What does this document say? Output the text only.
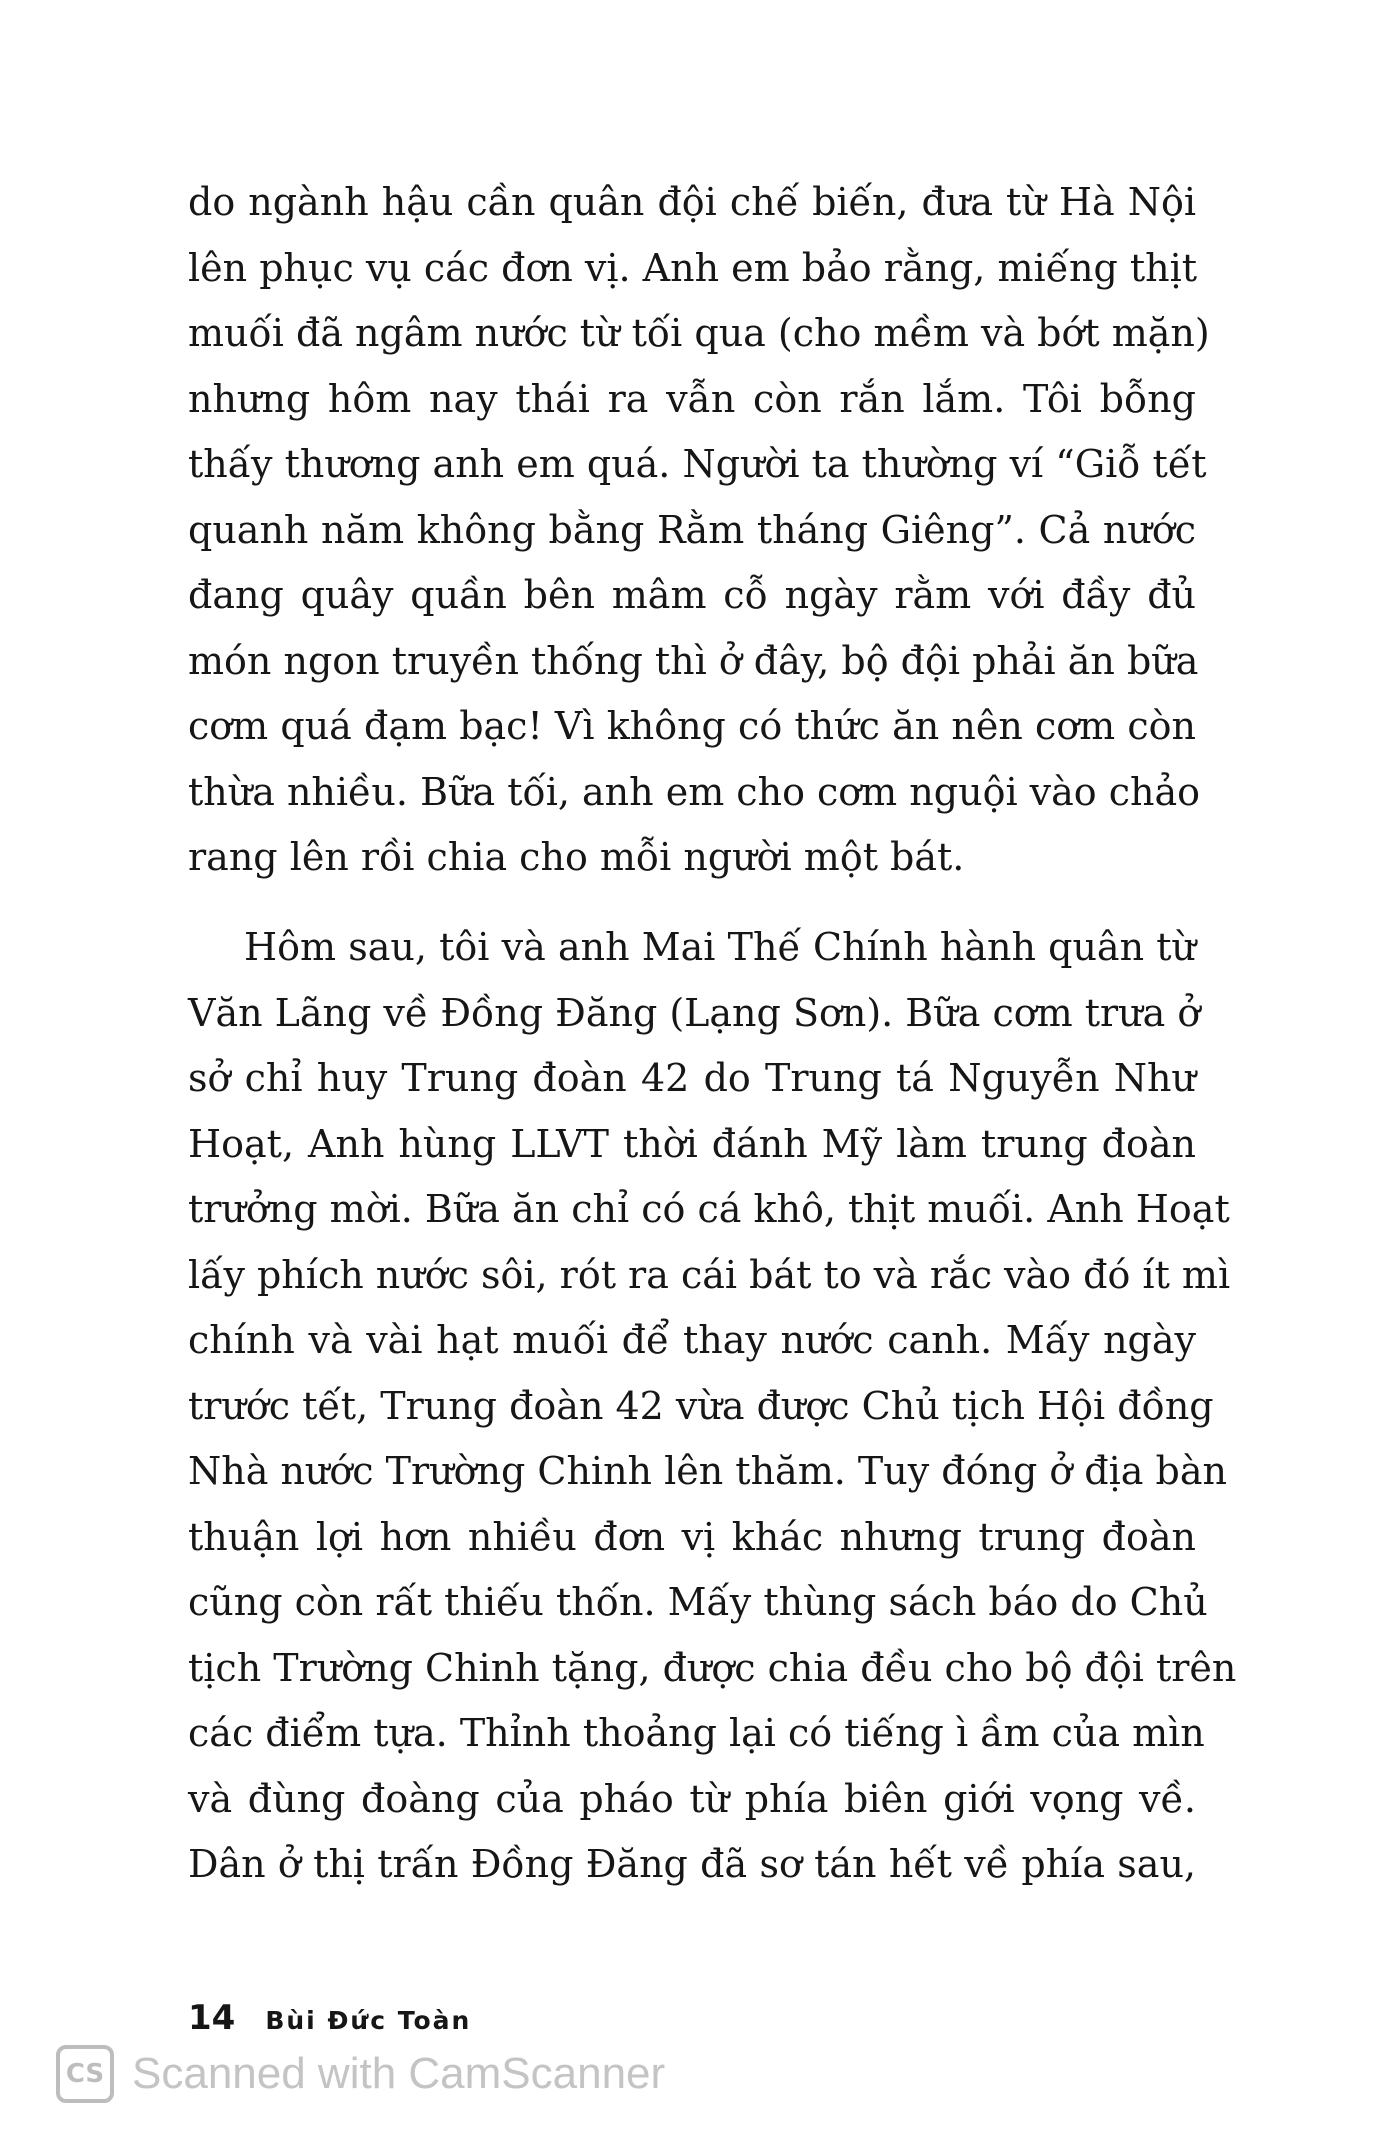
do ngành hậu cần quân đội chế biến, đưa từ Hà Nội
lên phục vụ các đơn vị. Anh em bảo rằng, miếng thịt
muối đã ngâm nước từ tối qua (cho mềm và bớt mặn)
nhưng hôm nay thái ra vẫn còn rắn lắm. Tôi bỗng
thấy thương anh em quá. Người ta thường ví “Giỗ tết
quanh năm không bằng Rằm tháng Giêng”. Cả nước
đang quây quần bên mâm cỗ ngày rằm với đầy đủ
món ngon truyền thống thì ở đây, bộ đội phải ăn bữa
cơm quá đạm bạc! Vì không có thức ăn nên cơm còn
thừa nhiều. Bữa tối, anh em cho cơm nguội vào chảo
rang lên rồi chia cho mỗi người một bát.
Hôm sau, tôi và anh Mai Thế Chính hành quân từ
Văn Lãng về Đồng Đăng (Lạng Sơn). Bữa cơm trưa ở
sở chỉ huy Trung đoàn 42 do Trung tá Nguyễn Như
Hoạt, Anh hùng LLVT thời đánh Mỹ làm trung đoàn
trưởng mời. Bữa ăn chỉ có cá khô, thịt muối. Anh Hoạt
lấy phích nước sôi, rót ra cái bát to và rắc vào đó ít mì
chính và vài hạt muối để thay nước canh. Mấy ngày
trước tết, Trung đoàn 42 vừa được Chủ tịch Hội đồng
Nhà nước Trường Chinh lên thăm. Tuy đóng ở địa bàn
thuận lợi hơn nhiều đơn vị khác nhưng trung đoàn
cũng còn rất thiếu thốn. Mấy thùng sách báo do Chủ
tịch Trường Chinh tặng, được chia đều cho bộ đội trên
các điểm tựa. Thỉnh thoảng lại có tiếng ì ầm của mìn
và đùng đoàng của pháo từ phía biên giới vọng về.
Dân ở thị trấn Đồng Đăng đã sơ tán hết về phía sau,
14 Bùi Đức Toàn
CS Scanned with CamScanner
